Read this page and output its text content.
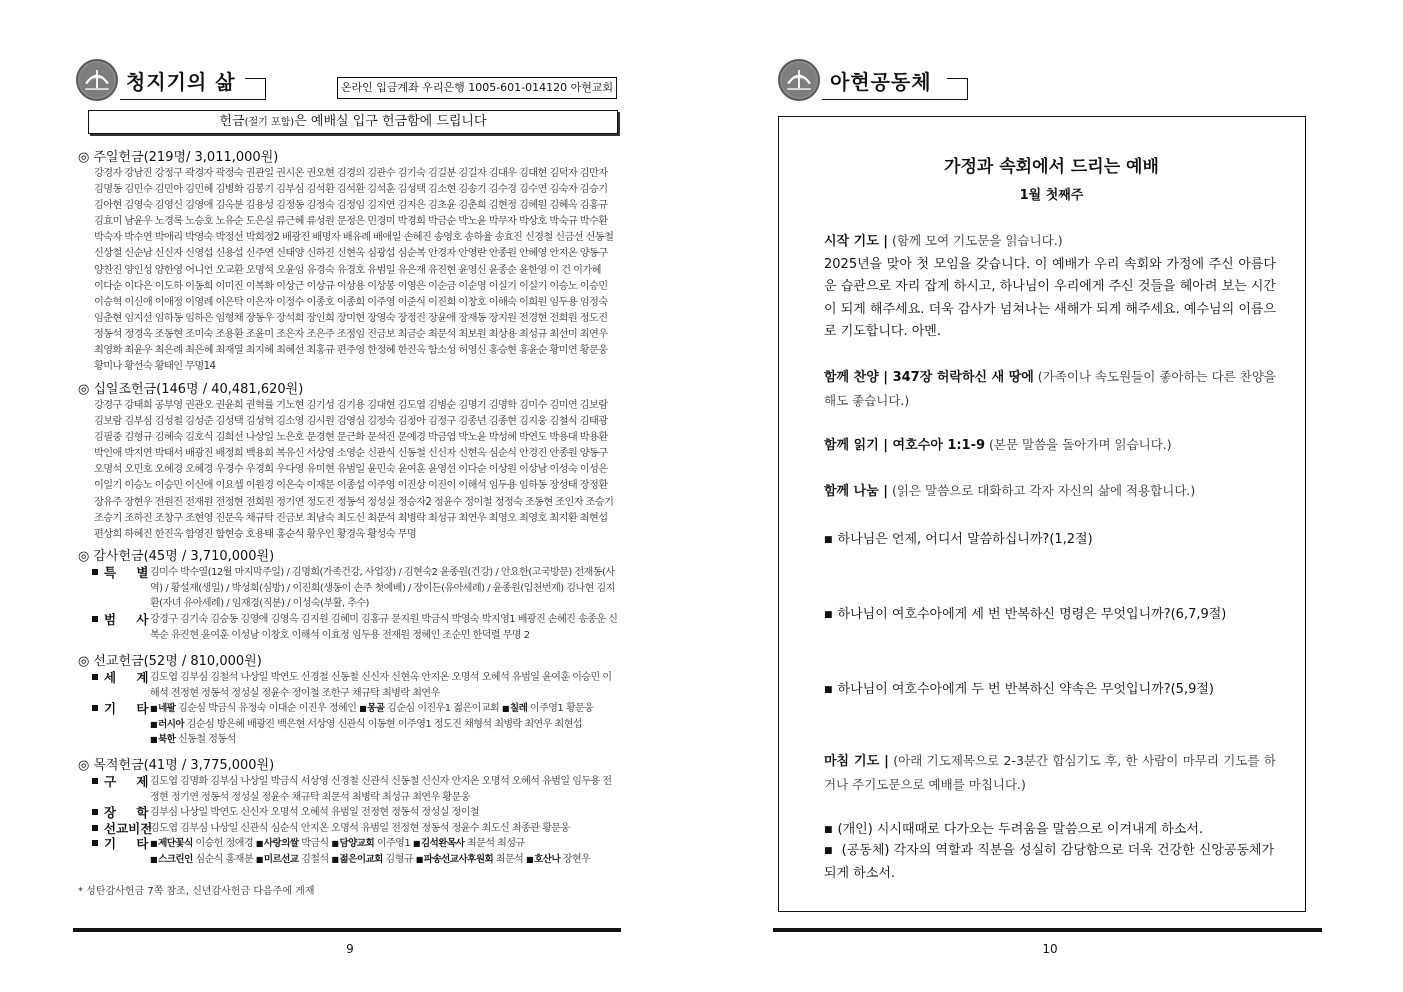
청지기의 삶	온라인 입금계좌 우리은행 1005-601-014120 아현교회
헌금(절기 포함)은 예배실 입구 헌금함에 드립니다
◎ 주일헌금(219명/ 3,011,000원)
강경자 강남진 강정구 곽경자 곽정숙 권관일 권시온 권오현 김경의 김관수 김기숙 김길분 김길자 김대우 김대현 김덕자 김만자 김명동 김민수 김민아 김민혜 김병화 김봉기 김부심 김석환 김석환 김석훈 김성택 김소현 김송기 김수경 김수연 김숙자 김승기 김아현 김영숙 김영신 김영애 김옥분 김용성 김정동 김정숙 김정임 김지연 김지은 김초윤 김춘희 김현정 김혜원 김혜옥 김홍규 김효미 남윤우 노경록 노승호 노유순 도은실 류근혜 류성원 문정은 민경미 박경희 박금순 박노윤 박무자 박상호 박숙규 박수환 박숙자 박수연 박애리 박영숙 박정선 박희정2 배광진 배명자 배유례 배애일 손혜진 송영호 송하율 송효진 신경철 신금선 신동철 신상철 신순남 신신자 신영섭 신용섭 신주연 신태양 신하진 신현옥 심광섭 심순복 안경자 안영란 안종원 안혜영 안지온 양동구 양찬진 양인성 양한영 어니언 오교환 오명석 오윤임 유경숙 유경호 유범일 유은재 유진현 윤영신 윤종순 윤한영 이 건 이가혜 이다순 이다은 이도하 이동희 이미진 이복화 이상근 이상규 이상용 이상봉 이영은 이순금 이순영 이실기 이실기 이승노 이승민 이승혁 이신애 이애정 이영례 이은탁 이은자 이정수 이종호 이종희 이주영 이준식 이진희 이창호 이해숙 이희원 임두용 임정숙 임춘현 임지선 임하동 임하은 임형채 장동우 장석희 장인희 장미현 장영숙 장정진 장윤애 장재동 장지원 전경현 전희원 정도진 정동석 정경옥 조동현 조미숙 조용환 조윤미 조은자 조은주 조정임 진금보 최금순 최문석 최보원 최상용 최성규 최선미 최연우 최영화 최윤우 최은례 최은혜 최재열 최지혜 최혜선 최홍규 편주영 한정혜 한진옥 함소성 허영신 홍승현 홍윤순 황미연 황문웅 황미나 황선숙 황태인 무명14
◎ 십일조헌금(146명 / 40,481,620원)
강경구 강태희 공부영 권관오 권윤희 권혁률 기노현 김기성 김기용 김대현 김도엽 김병순 김명기 김명학 김미수 김미연 김보람 김보람 김부심 김성철 김성준 김성택 김성혁 김소영 김시원 김영심 김정숙 김정아 김정구 김종년 김종현 김지웅 김철식 김태광 김필중 김형규 김혜숙 김호식 김희선 나상일 노은호 문경현 문근화 문석진 문예경 박금엽 박노윤 박성혜 박연도 박용대 박용환 박인애 박지연 박태서 배광진 배정희 백용희 복유신 서상영 소영순 신관식 신동철 신신자 신현옥 심순식 안경진 안종원 양동구 오명석 오민호 오혜경 오혜경 우경수 우경희 우다영 유미현 유범일 윤민숙 윤여훈 윤영선 이다순 이상원 이상남 이성숙 이성은 이일기 이승노 이승민 이신애 이요셉 이원경 이은숙 이재문 이종섭 이주영 이진상 이진이 이해석 임두용 임하동 장성태 장정환 장유주 장현우 전원진 전재원 전정현 전희원 정기연 정도진 정동석 정성실 정승자2 정윤수 정이철 정정숙 조동현 조인자 조승기 조승기 조하진 조창구 조현영 진문옥 채규탁 진금보 최남숙 최도신 최문석 최병락 최성규 최연우 최영오 최영호 최지환 최현섭 편상희 하혜진 한진옥 함영진 함현승 호용태 홍순식 황우인 황경옥 황성숙 무명
◎ 감사헌금(45명 / 3,710,000원)
특 별
김미수 박수열(12월 마지막주일) / 김명희(가족건강, 사업장) / 김현숙2 윤종원(건강) / 안요한(고국방문) 전재동(사역) / 황설재(생일) / 박성희(심방) / 이진희(생동이 손주 첫예배) / 장이든(유아세례) / 윤종원(입천번제) 김나현 김지환(자녀 유아세례) / 임재경(직분) / 이성숙(부활, 추수)
범 사
강경구 김기숙 김승동 김영애 김영옥 김지원 김혜미 김홍규 문지원 박금식 박영숙 박지영1 배광진 손혜진 송종운 신복순 유진현 윤여훈 이성남 이창호 이해석 이효정 임두용 전재원 정혜인 조순민 한덕렬 무명 2
◎ 선교헌금(52명 / 810,000원)
세 계
김도엽 김부심 김철석 나상일 박연도 신경철 신동철 신신자 신현옥 안지온 오명석 오혜석 유범일 윤여훈 이승민 이해석 전정현 정동석 정성실 정윤수 정이철 조한구 채규탁 최병락 최연우
기 타 ■ 네팔 김순심 박금식 유정숙 이대순 이진우 정혜인 ■ 몽골 김순심 이진우1 젊은이교회 ■ 칠레 이주영1 황문웅
■ 러시아 김순심 방은혜 배광진 백은현 서상영 신관식 이동현 이주영1 정도진 채형석 최병락 최연우 최현섭
■ 북한 신동철 정동석
◎ 목적헌금(41명 / 3,775,000원)
구 제
김도엽 김명화 김부심 나상일 박금식 서상영 신경철 신관식 신동철 신신자 안지온 오명석 오혜석 유범일 임두용 전정현 정기연 정동석 정성실 정윤수 채규탁 최문석 최병락 최성규 최연우 황문웅
장 학
김부심 나상일 박연도 신신자 오명석 오혜석 유범일 전정현 정동석 정성실 정이철
선교비전
김도엽 김부심 나상일 신관식 심순식 안지온 오명석 유범일 전정현 정동석 정윤수 최도신 최종관 황문웅
기 타 ■ 제단꽃식 이승헌 정애경 ■ 사랑의쌀 박금식 ■ 담양교회 이주영1 ■ 김석완목사 최문석 최성규
■ 스크린인 심순식 홍재분 ■ 미르선교 김철석 ■ 젊은이교회 김형규 ■ 파송선교사후원회 최문석 ■ 호산나 장현우
* 성탄감사헌금 7쪽 참조, 신년감사헌금 다음주에 게재
9
아현공동체
가정과 속회에서 드리는 예배
1월 첫째주
시작 기도 | (함께 모여 기도문을 읽습니다.)
2025년을 맞아 첫 모임을 갖습니다. 이 예배가 우리 속회와 가정에 주신 아름다운 습관으로 자리 잡게 하시고, 하나님이 우리에게 주신 것들을 헤아려 보는 시간이 되게 해주세요. 더욱 감사가 넘쳐나는 새해가 되게 해주세요. 예수님의 이름으로 기도합니다. 아멘.
함께 찬양 | 347장 허락하신 새 땅에 (가족이나 속도원들이 좋아하는 다른 찬양을 해도 좋습니다.)
함께 읽기 | 여호수아 1:1-9 (본문 말씀을 돌아가며 읽습니다.)
함께 나눔 | (읽은 말씀으로 대화하고 각자 자신의 삶에 적용합니다.)
■ 하나님은 언제, 어디서 말씀하십니까?(1,2절)
■ 하나님이 여호수아에게 세 번 반복하신 명령은 무엇입니까?(6,7,9절)
■ 하나님이 여호수아에게 두 번 반복하신 약속은 무엇입니까?(5,9절)
마침 기도 | (아래 기도제목으로 2-3분간 합심기도 후, 한 사람이 마무리 기도를 하거나 주기도문으로 예배를 마칩니다.)
■ (개인) 시시때때로 다가오는 두려움을 말씀으로 이겨내게 하소서.
■ (공동체) 각자의 역할과 직분을 성실히 감당함으로 더욱 건강한 신앙공동체가 되게 하소서.
10
